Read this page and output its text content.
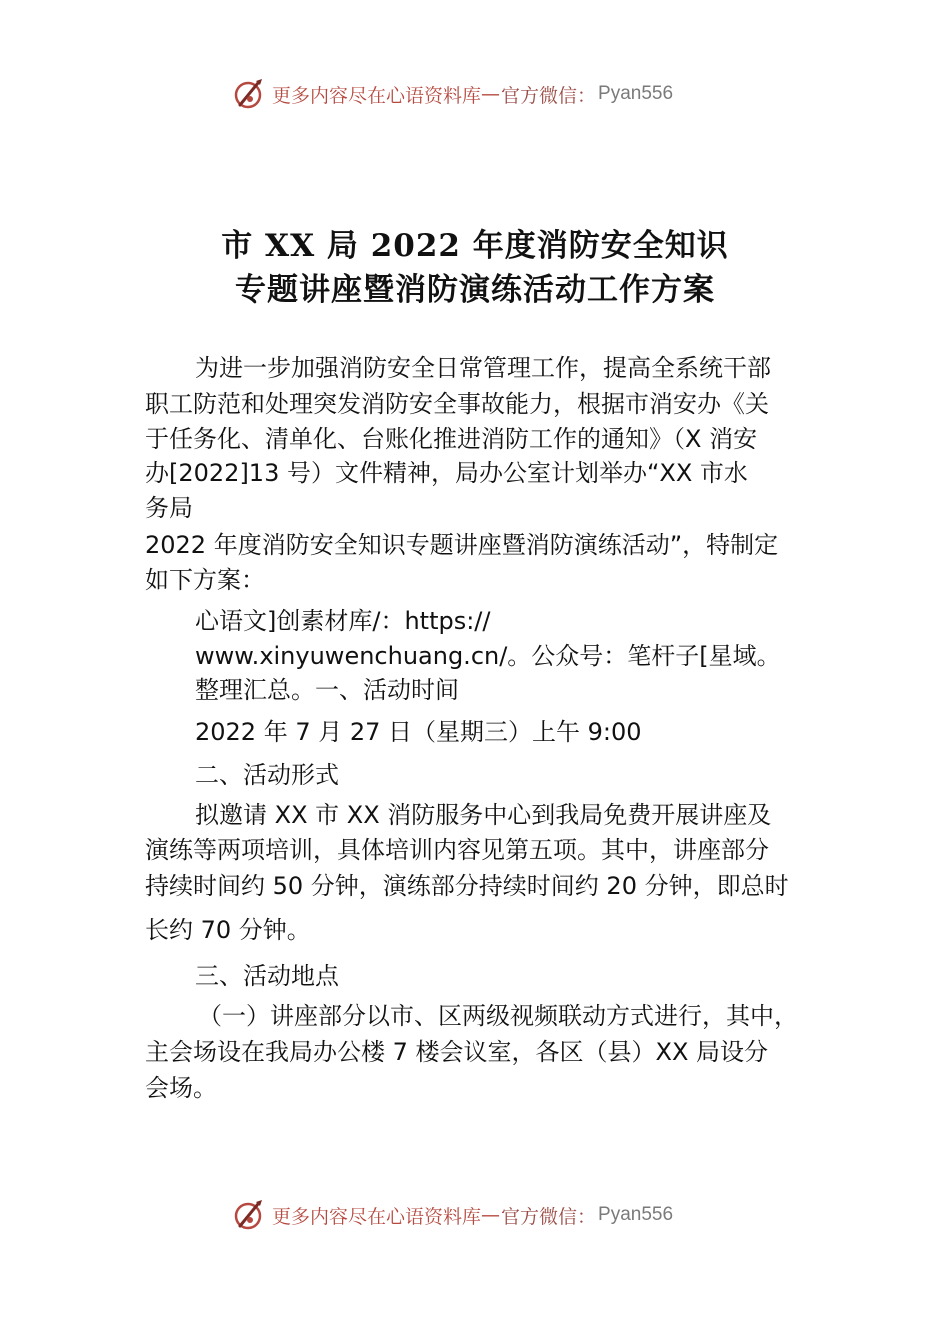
更多内容尽在心语资料库 — 官方微信： Pyan556
市 XX 局 2022 年度消防安全知识
专题讲座暨消防演练活动工作方案
为进一步加强消防安全日常管理工作，提高全系统干部
职工防范和处理突发消防安全事故能力，根据市消安办《关
于任务化、清单化、台账化推进消防工作的通知》（X 消安
办[2022]13 号）文件精神，局办公室计划举办“XX 市水
务局
2022 年度消防安全知识专题讲座暨消防演练活动”，特制定
如下方案：
心语文]创素材库/：https://
www.xinyuwenchuang.cn/。公众号：笔杆子[星域。
整理汇总。一、活动时间
2022 年 7 月 27 日（星期三）上午 9:00
二、活动形式
拟邀请 XX 市 XX 消防服务中心到我局免费开展讲座及
演练等两项培训，具体培训内容见第五项。其中，讲座部分
持续时间约 50 分钟，演练部分持续时间约 20 分钟，即总时
长约 70 分钟。
三、活动地点
（一）讲座部分以市、区两级视频联动方式进行，其中，
主会场设在我局办公楼 7 楼会议室，各区（县）XX 局设分
会场。
更多内容尽在心语资料库 — 官方微信： Pyan556
